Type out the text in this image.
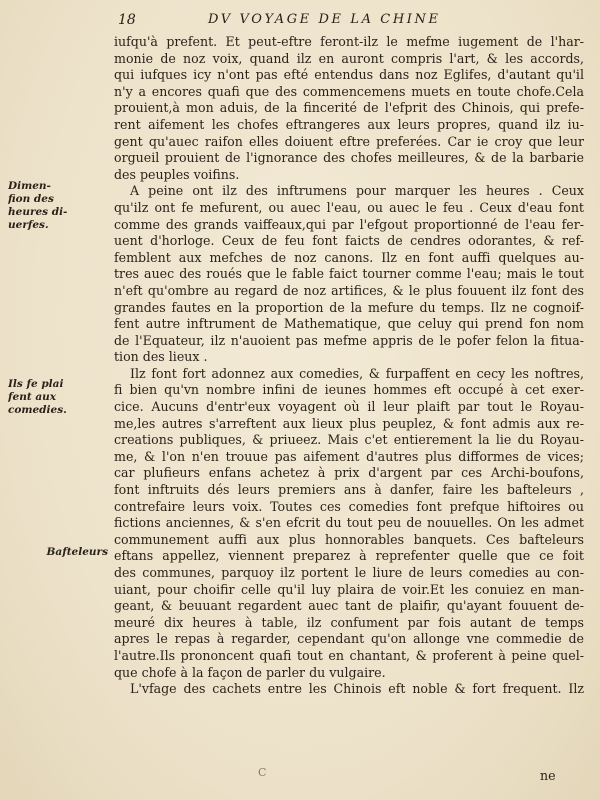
18	DV VOYAGE DE LA CHINE
iufqu'à prefent. Et peut-eftre feront-ilz le mefme iugement de l'har-
monie de noz voix, quand ilz en auront compris l'art, & les accords,
qui iufques icy n'ont pas efté entendus dans noz Eglifes, d'autant qu'il
n'y a encores quafi que des commencemens muets en toute chofe.Cela
prouient,à mon aduis, de la fincerité de l'efprit des Chinois, qui prefe-
rent aifement les chofes eftrangeres aux leurs propres, quand ilz iu-
gent qu'auec raifon elles doiuent eftre preferées. Car ie croy que leur
orgueil prouient de l'ignorance des chofes meilleures, & de la barbarie
des peuples voifins.
A peine ont ilz des inftrumens pour marquer les heures . Ceux
qu'ilz ont fe mefurent, ou auec l'eau, ou auec le feu . Ceux d'eau font
comme des grands vaiffeaux,qui par l'efgout proportionné de l'eau fer-
uent d'horloge. Ceux de feu font faicts de cendres odorantes, & ref-
femblent aux mefches de noz canons. Ilz en font auffi quelques au-
tres auec des roués que le fable faict tourner comme l'eau; mais le tout
n'eft qu'ombre au regard de noz artifices, & le plus fouuent ilz font des
grandes fautes en la proportion de la mefure du temps. Ilz ne cognoif-
fent autre inftrument de Mathematique, que celuy qui prend fon nom
de l'Equateur, ilz n'auoient pas mefme appris de le pofer felon la fitua-
tion des lieux .
Ilz font fort adonnez aux comedies, & furpaffent en cecy les noftres,
fi bien qu'vn nombre infini de ieunes hommes eft occupé à cet exer-
cice. Aucuns d'entr'eux voyagent où il leur plaift par tout le Royau-
me,les autres s'arreftent aux lieux plus peuplez, & font admis aux re-
creations publiques, & priueez. Mais c'et entierement la lie du Royau-
me, & l'on n'en trouue pas aifement d'autres plus difformes de vices;
car plufieurs enfans achetez à prix d'argent par ces Archi-boufons,
font inftruits dés leurs premiers ans à danfer, faire les bafteleurs ,
contrefaire leurs voix. Toutes ces comedies font prefque hiftoires ou
fictions anciennes, & s'en efcrit du tout peu de nouuelles. On les admet
communement auffi aux plus honnorables banquets. Ces bafteleurs
eftans appellez, viennent preparez à reprefenter quelle que ce foit
des communes, parquoy ilz portent le liure de leurs comedies au con-
uiant, pour choifir celle qu'il luy plaira de voir.Et les conuiez en man-
geant, & beuuant regardent auec tant de plaifir, qu'ayant fouuent de-
meuré dix heures à table, ilz confument par fois autant de temps
apres le repas à regarder, cependant qu'on allonge vne commedie de
l'autre.Ils prononcent quafi tout en chantant, & proferent à peine quel-
que chofe à la façon de parler du vulgaire.
L'vfage des cachets entre les Chinois eft noble & fort frequent. Ilz
Dimen-
fion des
heures di-
uerfes.
Ils fe plai
fent aux
comedies.
Bafteleurs
C	ne
